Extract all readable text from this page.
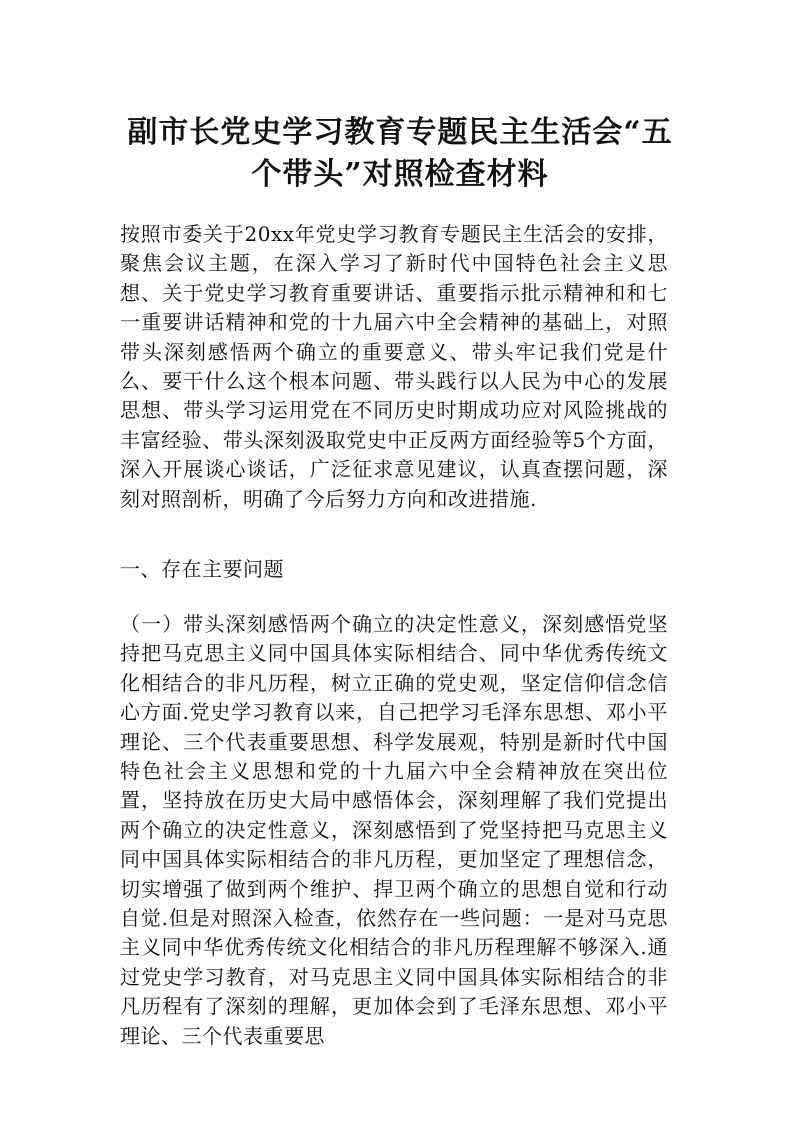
副市长党史学习教育专题民主生活会“五个带头”对照检查材料
按照市委关于20xx年党史学习教育专题民主生活会的安排，聚焦会议主题，在深入学习了新时代中国特色社会主义思想、关于党史学习教育重要讲话、重要指示批示精神和和七一重要讲话精神和党的十九届六中全会精神的基础上，对照带头深刻感悟两个确立的重要意义、带头牢记我们党是什么、要干什么这个根本问题、带头践行以人民为中心的发展思想、带头学习运用党在不同历史时期成功应对风险挑战的丰富经验、带头深刻汲取党史中正反两方面经验等5个方面，深入开展谈心谈话，广泛征求意见建议，认真查摆问题，深刻对照剖析，明确了今后努力方向和改进措施.
一、存在主要问题
（一）带头深刻感悟两个确立的决定性意义，深刻感悟党坚持把马克思主义同中国具体实际相结合、同中华优秀传统文化相结合的非凡历程，树立正确的党史观，坚定信仰信念信心方面.党史学习教育以来，自己把学习毛泽东思想、邓小平理论、三个代表重要思想、科学发展观，特别是新时代中国特色社会主义思想和党的十九届六中全会精神放在突出位置，坚持放在历史大局中感悟体会，深刻理解了我们党提出两个确立的决定性意义，深刻感悟到了党坚持把马克思主义同中国具体实际相结合的非凡历程，更加坚定了理想信念，切实增强了做到两个维护、捍卫两个确立的思想自觉和行动自觉.但是对照深入检查，依然存在一些问题：一是对马克思主义同中华优秀传统文化相结合的非凡历程理解不够深入.通过党史学习教育，对马克思主义同中国具体实际相结合的非凡历程有了深刻的理解，更加体会到了毛泽东思想、邓小平理论、三个代表重要思
